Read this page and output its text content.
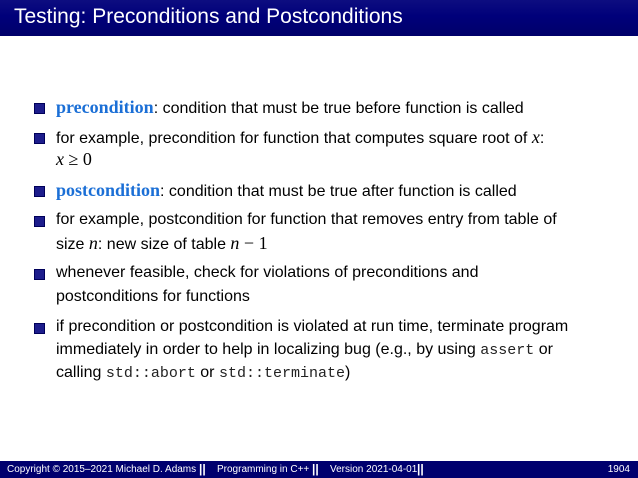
Testing: Preconditions and Postconditions
precondition: condition that must be true before function is called
for example, precondition for function that computes square root of x:
x ≥ 0
postcondition: condition that must be true after function is called
for example, postcondition for function that removes entry from table of
size n: new size of table n − 1
whenever feasible, check for violations of preconditions and
postconditions for functions
if precondition or postcondition is violated at run time, terminate program
immediately in order to help in localizing bug (e.g., by using assert or
calling std::abort or std::terminate)
Copyright © 2015–2021 Michael D. Adams || Programming in C++ || Version 2021-04-01 ||	1904
